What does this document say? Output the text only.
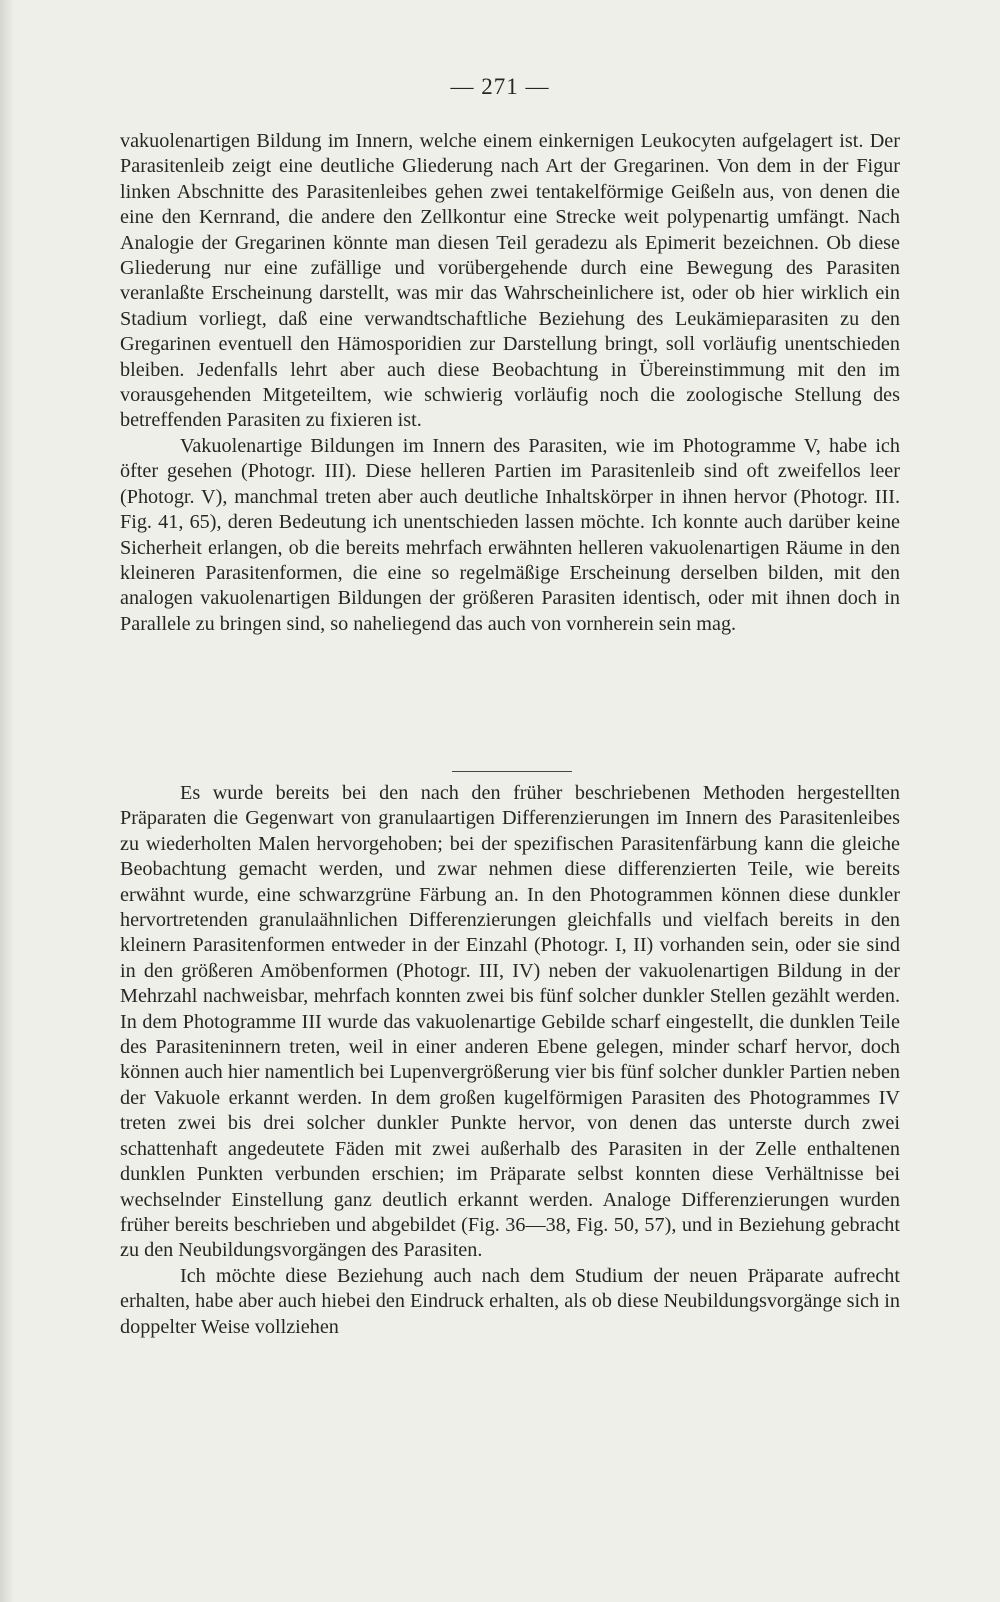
— 271 —

vakuolenartigen Bildung im Innern, welche einem einkernigen Leukocyten aufgelagert ist. Der Parasitenleib zeigt eine deutliche Gliederung nach Art der Gregarinen. Von dem in der Figur linken Abschnitte des Parasitenleibes gehen zwei tentakelförmige Geißeln aus, von denen die eine den Kernrand, die andere den Zellkontur eine Strecke weit polypenartig umfängt. Nach Analogie der Gregarinen könnte man diesen Teil geradezu als Epimerit bezeichnen. Ob diese Gliederung nur eine zufällige und vorübergehende durch eine Bewegung des Parasiten veranlaßte Erscheinung darstellt, was mir das Wahrscheinlichere ist, oder ob hier wirklich ein Stadium vorliegt, daß eine verwandtschaftliche Beziehung des Leukämieparasiten zu den Gregarinen eventuell den Hämosporidien zur Darstellung bringt, soll vorläufig unentschieden bleiben. Jedenfalls lehrt aber auch diese Beobachtung in Übereinstimmung mit den im vorausgehenden Mitgeteiltem, wie schwierig vorläufig noch die zoologische Stellung des betreffenden Parasiten zu fixieren ist.

Vakuolenartige Bildungen im Innern des Parasiten, wie im Photogramme V, habe ich öfter gesehen (Photogr. III). Diese helleren Partien im Parasitenleib sind oft zweifellos leer (Photogr. V), manchmal treten aber auch deutliche Inhaltskörper in ihnen hervor (Photogr. III. Fig. 41, 65), deren Bedeutung ich unentschieden lassen möchte. Ich konnte auch darüber keine Sicherheit erlangen, ob die bereits mehrfach erwähnten helleren vakuolenartigen Räume in den kleineren Parasitenformen, die eine so regelmäßige Erscheinung derselben bilden, mit den analogen vakuolenartigen Bildungen der größeren Parasiten identisch, oder mit ihnen doch in Parallele zu bringen sind, so naheliegend das auch von vornherein sein mag.

Es wurde bereits bei den nach den früher beschriebenen Methoden hergestellten Präparaten die Gegenwart von granulaartigen Differenzierungen im Innern des Parasitenleibes zu wiederholten Malen hervorgehoben; bei der spezifischen Parasitenfärbung kann die gleiche Beobachtung gemacht werden, und zwar nehmen diese differenzierten Teile, wie bereits erwähnt wurde, eine schwarzgrüne Färbung an. In den Photogrammen können diese dunkler hervortretenden granulaähnlichen Differenzierungen gleichfalls und vielfach bereits in den kleinern Parasitenformen entweder in der Einzahl (Photogr. I, II) vorhanden sein, oder sie sind in den größeren Amöbenformen (Photogr. III, IV) neben der vakuolenartigen Bildung in der Mehrzahl nachweisbar, mehrfach konnten zwei bis fünf solcher dunkler Stellen gezählt werden. In dem Photogramme III wurde das vakuolenartige Gebilde scharf eingestellt, die dunklen Teile des Parasiteninnern treten, weil in einer anderen Ebene gelegen, minder scharf hervor, doch können auch hier namentlich bei Lupenvergrößerung vier bis fünf solcher dunkler Partien neben der Vakuole erkannt werden. In dem großen kugelförmigen Parasiten des Photogrammes IV treten zwei bis drei solcher dunkler Punkte hervor, von denen das unterste durch zwei schattenhaft angedeutete Fäden mit zwei außerhalb des Parasiten in der Zelle enthaltenen dunklen Punkten verbunden erschien; im Präparate selbst konnten diese Verhältnisse bei wechselnder Einstellung ganz deutlich erkannt werden. Analoge Differenzierungen wurden früher bereits beschrieben und abgebildet (Fig. 36—38, Fig. 50, 57), und in Beziehung gebracht zu den Neubildungsvorgängen des Parasiten.

Ich möchte diese Beziehung auch nach dem Studium der neuen Präparate aufrecht erhalten, habe aber auch hiebei den Eindruck erhalten, als ob diese Neubildungsvorgänge sich in doppelter Weise vollziehen
